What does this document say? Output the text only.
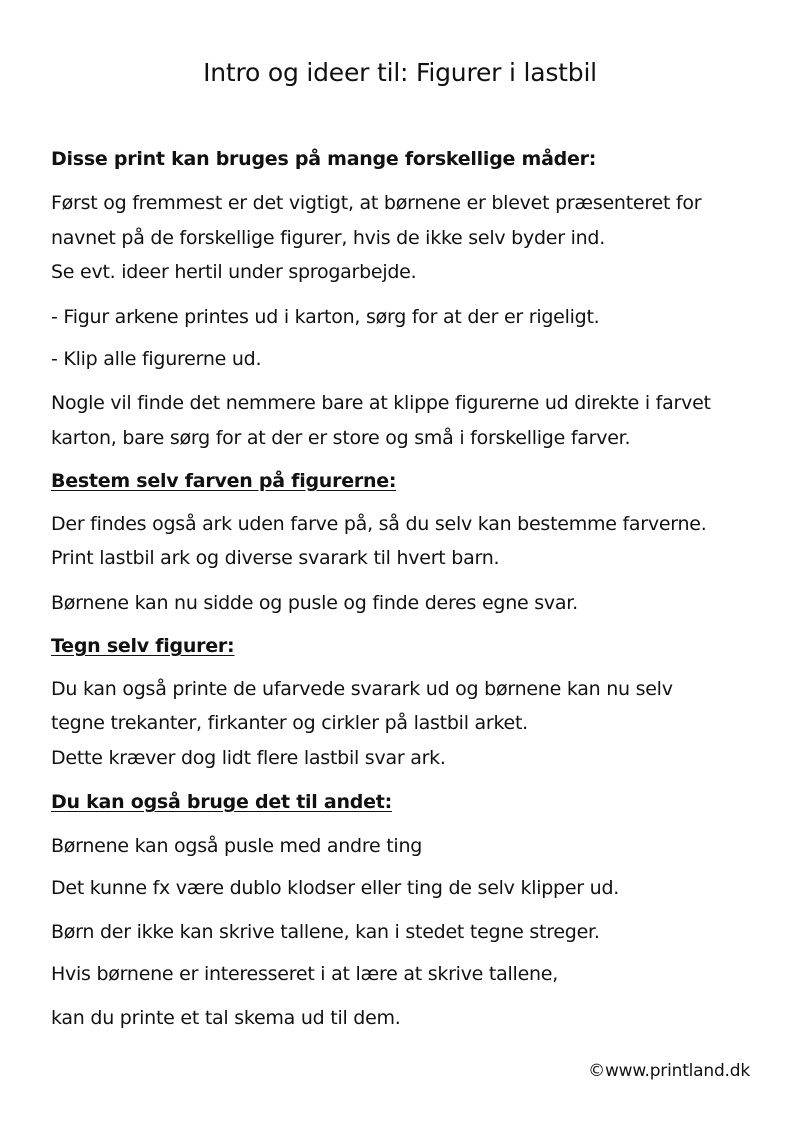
Intro og ideer til: Figurer i lastbil
Disse print kan bruges på mange forskellige måder:
Først og fremmest er det vigtigt, at børnene er blevet præsenteret for
navnet på de forskellige figurer, hvis de ikke selv byder ind.
Se evt. ideer hertil under sprogarbejde.
- Figur arkene printes ud i karton, sørg for at der er rigeligt.
- Klip alle figurerne ud.
Nogle vil finde det nemmere bare at klippe figurerne ud direkte i farvet
karton, bare sørg for at der er store og små i forskellige farver.
Bestem selv farven på figurerne:
Der findes også ark uden farve på, så du selv kan bestemme farverne.
Print lastbil ark og diverse svarark til hvert barn.
Børnene kan nu sidde og pusle og finde deres egne svar.
Tegn selv figurer:
Du kan også printe de ufarvede svarark ud og børnene kan nu selv
tegne trekanter, firkanter og cirkler på lastbil arket.
Dette kræver dog lidt flere lastbil svar ark.
Du kan også bruge det til andet:
Børnene kan også pusle med andre ting
Det kunne fx være dublo klodser eller ting de selv klipper ud.
Børn der ikke kan skrive tallene, kan i stedet tegne streger.
Hvis børnene er interesseret i at lære at skrive tallene,
kan du printe et tal skema ud til dem.
©www.printland.dk
